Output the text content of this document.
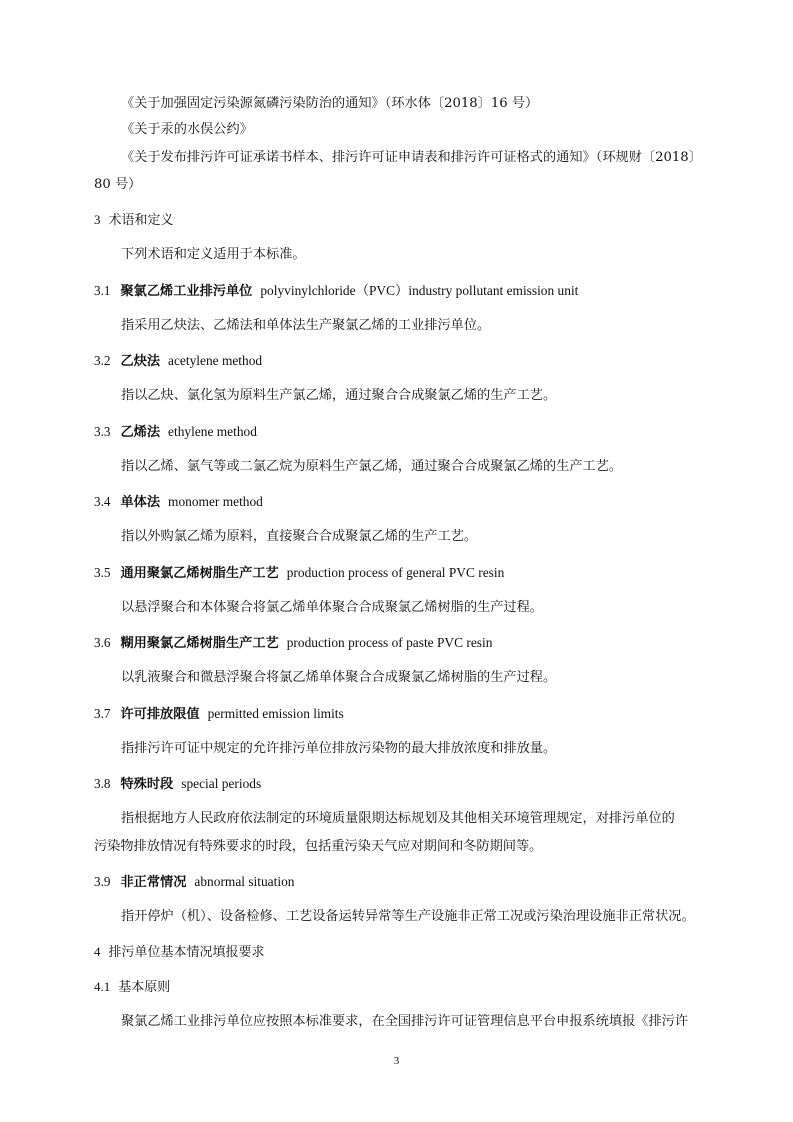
《关于加强固定污染源氮磷污染防治的通知》（环水体〔2018〕16 号）

《关于汞的水俣公约》

《关于发布排污许可证承诺书样本、排污许可证申请表和排污许可证格式的通知》（环规财〔2018〕

80 号）

3 术语和定义

下列术语和定义适用于本标准。

3.1 聚氯乙烯工业排污单位 polyvinylchloride（PVC）industry pollutant emission unit

指采用乙炔法、乙烯法和单体法生产聚氯乙烯的工业排污单位。

3.2 乙炔法 acetylene method

指以乙炔、氯化氢为原料生产氯乙烯，通过聚合合成聚氯乙烯的生产工艺。

3.3 乙烯法 ethylene method

指以乙烯、氯气等或二氯乙烷为原料生产氯乙烯，通过聚合合成聚氯乙烯的生产工艺。

3.4 单体法 monomer method

指以外购氯乙烯为原料，直接聚合合成聚氯乙烯的生产工艺。

3.5 通用聚氯乙烯树脂生产工艺 production process of general PVC resin

以悬浮聚合和本体聚合将氯乙烯单体聚合合成聚氯乙烯树脂的生产过程。

3.6 糊用聚氯乙烯树脂生产工艺 production process of paste PVC resin

以乳液聚合和微悬浮聚合将氯乙烯单体聚合合成聚氯乙烯树脂的生产过程。

3.7 许可排放限值 permitted emission limits

指排污许可证中规定的允许排污单位排放污染物的最大排放浓度和排放量。

3.8 特殊时段 special periods

指根据地方人民政府依法制定的环境质量限期达标规划及其他相关环境管理规定，对排污单位的

污染物排放情况有特殊要求的时段，包括重污染天气应对期间和冬防期间等。

3.9 非正常情况 abnormal situation

指开停炉（机）、设备检修、工艺设备运转异常等生产设施非正常工况或污染治理设施非正常状况。

4 排污单位基本情况填报要求

4.1 基本原则

聚氯乙烯工业排污单位应按照本标准要求，在全国排污许可证管理信息平台申报系统填报《排污许

3
